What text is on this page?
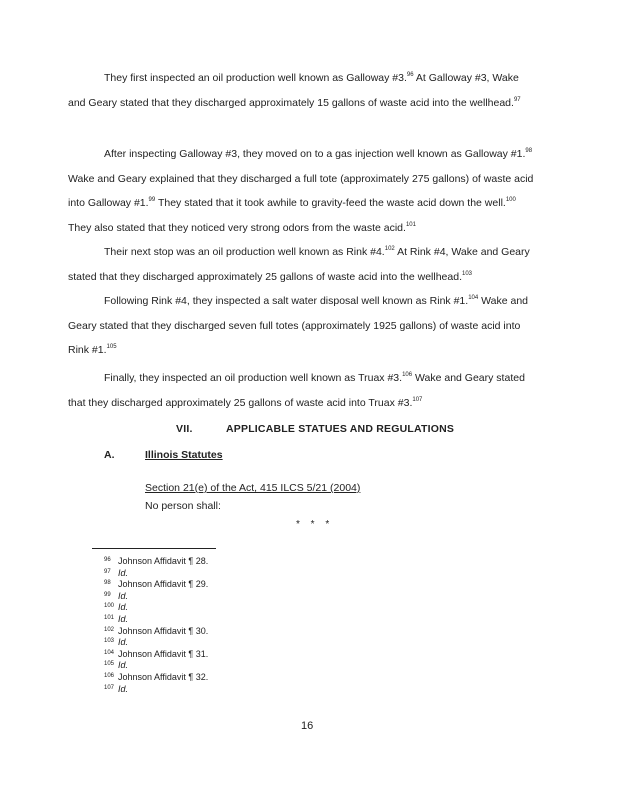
They first inspected an oil production well known as Galloway #3.96 At Galloway #3, Wake and Geary stated that they discharged approximately 15 gallons of waste acid into the wellhead.$^{97}$

After inspecting Galloway #3, they moved on to a gas injection well known as Galloway #1.98 Wake and Geary explained that they discharged a full tote (approximately 275 gallons) of waste acid into Galloway #1.99 They stated that it took awhile to gravity-feed the waste acid down the well.$^{100}$ They also stated that they noticed very strong odors from the waste acid.$^{101}$

Their next stop was an oil production well known as Rink #4.$^{102}$ At Rink #4, Wake and Geary stated that they discharged approximately 25 gallons of waste acid into the wellhead.$^{103}$

Following Rink #4, they inspected a salt water disposal well known as Rink #1.$^{104}$ Wake and Geary stated that they discharged seven full totes (approximately 1925 gallons) of waste acid into Rink #1.$^{105}$

Finally, they inspected an oil production well known as Truax #3.$^{106}$ Wake and Geary stated that they discharged approximately 25 gallons of waste acid into Truax #3.$^{107}$

VII.	APPLICABLE STATUES AND REGULATIONS
A.	Illinois Statutes
Section 21(e) of the Act, 415 ILCS 5/21 (2004)
No person shall:
* * *
96 Johnson Affidavit ¶ 28.
97 Id.
98 Johnson Affidavit ¶ 29.
99 Id.
100 Id.
101 Id.
102 Johnson Affidavit ¶ 30.
103 Id.
104 Johnson Affidavit ¶ 31.
105 Id.
106 Johnson Affidavit ¶ 32.
107 Id.
16
